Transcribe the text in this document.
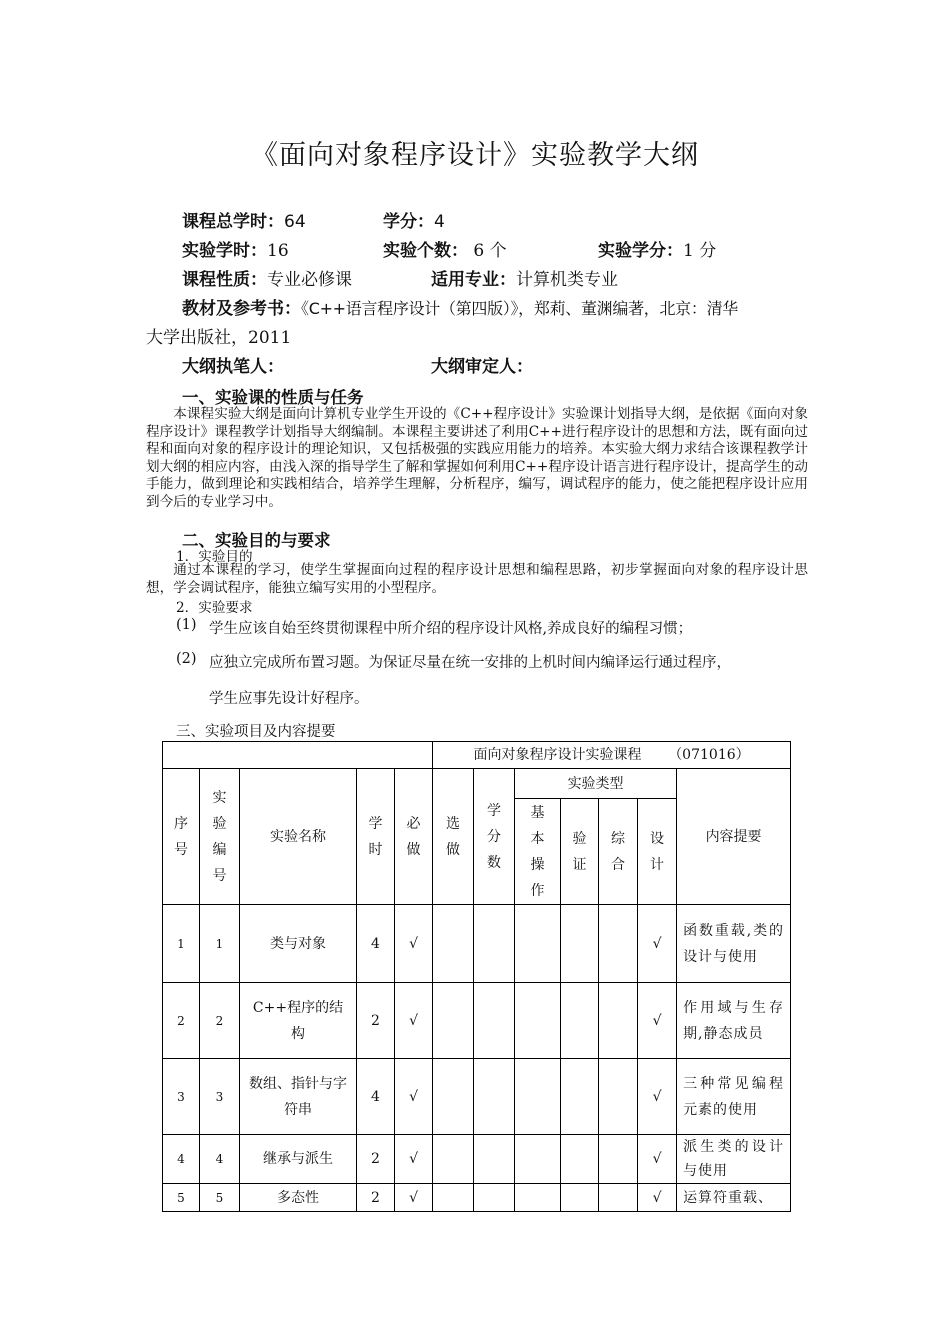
《面向对象程序设计》实验教学大纲
课程总学时：64	学分：4
实验学时：16	实验个数： 6 个	实验学分：1 分
课程性质：专业必修课	适用专业：计算机类专业
教材及参考书：《C++语言程序设计（第四版）》，郑莉、董渊编著，北京：清华
大学出版社，2011
大纲执笔人：	大纲审定人：
一、实验课的性质与任务

本课程实验大纲是面向计算机专业学生开设的《C++程序设计》实验课计划指导大纲，是依据《面向对象程序设计》课程教学计划指导大纲编制。本课程主要讲述了利用C++进行程序设计的思想和方法，既有面向过程和面向对象的程序设计的理论知识，又包括极强的实践应用能力的培养。本实验大纲力求结合该课程教学计划大纲的相应内容，由浅入深的指导学生了解和掌握如何利用C++程序设计语言进行程序设计，提高学生的动手能力，做到理论和实践相结合，培养学生理解，分析程序，编写，调试程序的能力，使之能把程序设计应用到今后的专业学习中。

二、实验目的与要求
1．实验目的

通过本课程的学习，使学生掌握面向过程的程序设计思想和编程思路，初步掌握面向对象的程序设计思想，学会调试程序，能独立编写实用的小型程序。

2．实验要求
(1) 学生应该自始至终贯彻课程中所介绍的程序设计风格,养成良好的编程习惯；
(2) 应独立完成所布置习题。为保证尽量在统一安排的上机时间内编译运行通过程序，
学生应事先设计好程序。
三、实验项目及内容提要
					面向对象程序设计实验课程 （071016）						
序号	实验编号	实验名称	学时	必做	选做	学分数	实验类型				内容提要
							基本操作	验证	综合	设计	
1	1	类与对象	4	√						√	函数重载,类的设计与使用
2	2	C++程序的结构	2	√						√	作用域与生存期,静态成员
3	3	数组、指针与字符串	4	√						√	三种常见编程元素的使用
4	4	继承与派生	2	√						√	派生类的设计与使用
5	5	多态性	2	√						√	运算符重载、
